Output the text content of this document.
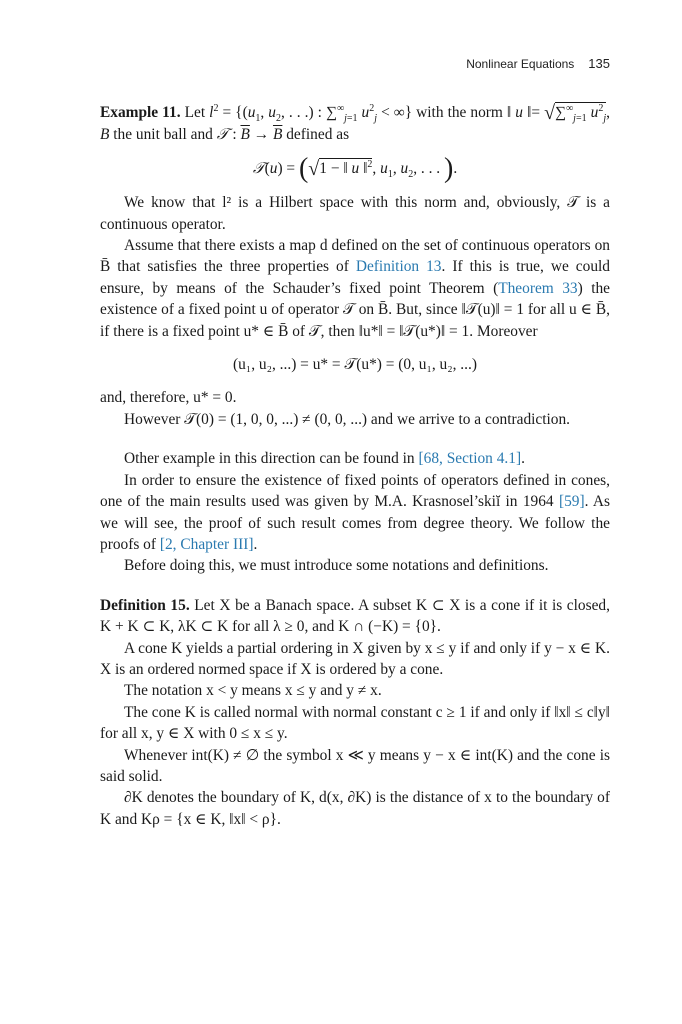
Nonlinear Equations 135

Example 11. Let $l^2 = \{(u_1$, $u_2$, . . .) : $\sum^\infty_{j=1}$ $u^2_j$ < ∞} with the norm ‖ u ‖= $√\sum^\infty_{j=1}$ $u^2_j$, B the unit ball and 𝒯 : $\overline{B} \to \overline{B}$ defined as

𝒯(u) = (√1 − ‖ u ‖$^2$, $u_1$, $u_2$, . . . ).

We know that l² is a Hilbert space with this norm and, obviously, 𝒯 is a continuous operator.

Assume that there exists a map d defined on the set of continuous operators on B̄ that satisfies the three properties of Definition 13. If this is true, we could ensure, by means of the Schauder’s fixed point Theorem (Theorem 33) the existence of a fixed point u of operator 𝒯 on B̄. But, since ‖𝒯(u)‖ = 1 for all u ∈ B̄, if there is a fixed point u* ∈ B̄ of 𝒯, then ‖u*‖ = ‖𝒯(u*)‖ = 1. Moreover

(u₁, u₂, ...) = u* = 𝒯(u*) = (0, u₁, u₂, ...)

and, therefore, u* = 0.

However 𝒯(0) = (1, 0, 0, ...) ≠ (0, 0, ...) and we arrive to a contradiction.

Other example in this direction can be found in [68, Section 4.1].

In order to ensure the existence of fixed points of operators defined in cones, one of the main results used was given by M.A. Krasnosel’skiĭ in 1964 [59]. As we will see, the proof of such result comes from degree theory. We follow the proofs of [2, Chapter III].

Before doing this, we must introduce some notations and definitions.

Definition 15. Let X be a Banach space. A subset K ⊂ X is a cone if it is closed, K + K ⊂ K, λK ⊂ K for all λ ≥ 0, and K ∩ (−K) = {0}.

A cone K yields a partial ordering in X given by x ≤ y if and only if y − x ∈ K. X is an ordered normed space if X is ordered by a cone.

The notation x < y means x ≤ y and y ≠ x.

The cone K is called normal with normal constant c ≥ 1 if and only if ‖x‖ ≤ c‖y‖ for all x, y ∈ X with 0 ≤ x ≤ y.

Whenever int(K) ≠ ∅ the symbol x ≪ y means y − x ∈ int(K) and the cone is said solid.

∂K denotes the boundary of K, d(x, ∂K) is the distance of x to the boundary of K and Kρ = {x ∈ K, ‖x‖ < ρ}.
